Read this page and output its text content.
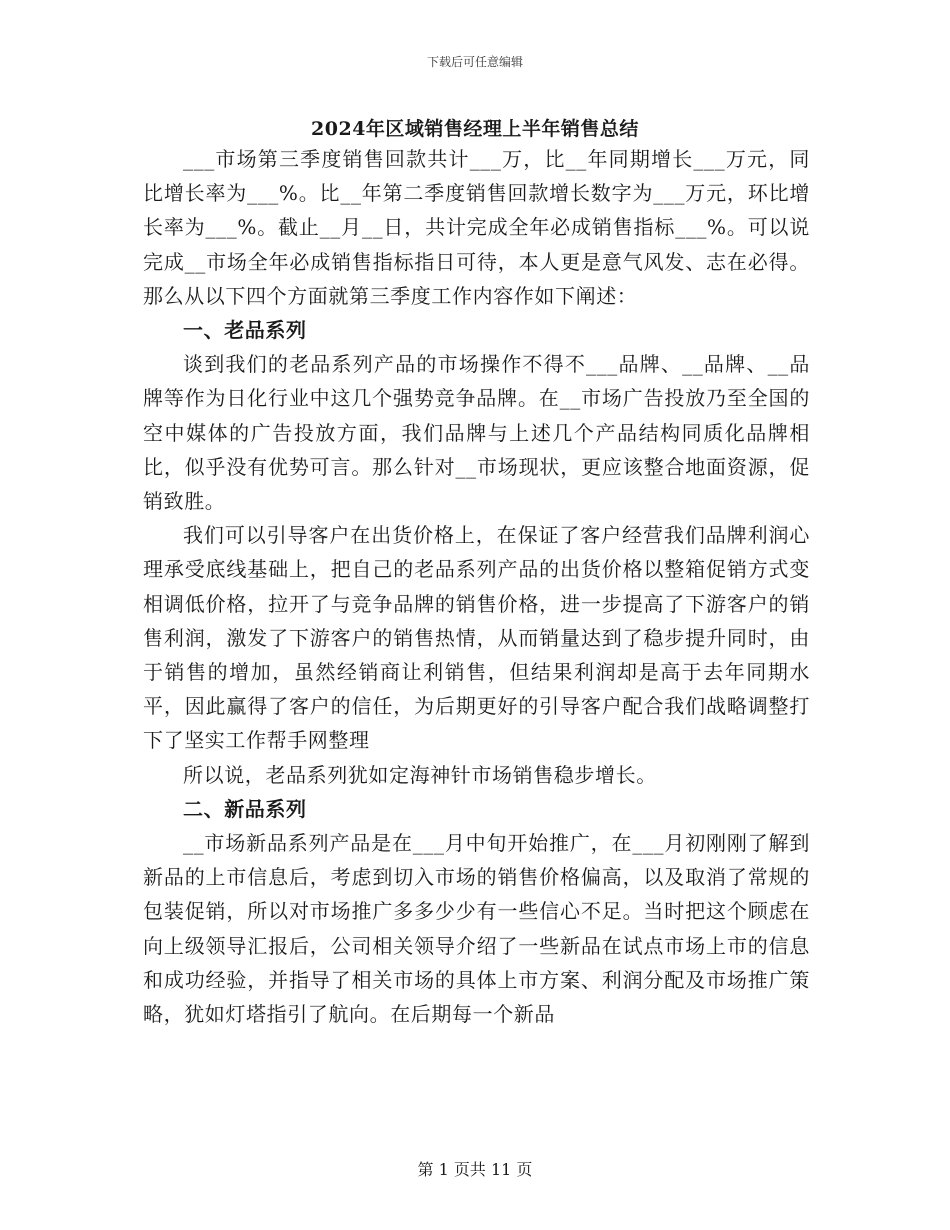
下载后可任意编辑
2024年区域销售经理上半年销售总结

___市场第三季度销售回款共计___万，比__年同期增长___万元，同比增长率为___%。比__年第二季度销售回款增长数字为___万元，环比增长率为___%。截止__月__日，共计完成全年必成销售指标___%。可以说完成__市场全年必成销售指标指日可待，本人更是意气风发、志在必得。那么从以下四个方面就第三季度工作内容作如下阐述：

一、老品系列

谈到我们的老品系列产品的市场操作不得不___品牌、__品牌、__品牌等作为日化行业中这几个强势竞争品牌。在__市场广告投放乃至全国的空中媒体的广告投放方面，我们品牌与上述几个产品结构同质化品牌相比，似乎没有优势可言。那么针对__市场现状，更应该整合地面资源，促销致胜。

我们可以引导客户在出货价格上，在保证了客户经营我们品牌利润心理承受底线基础上，把自己的老品系列产品的出货价格以整箱促销方式变相调低价格，拉开了与竞争品牌的销售价格，进一步提高了下游客户的销售利润，激发了下游客户的销售热情，从而销量达到了稳步提升同时，由于销售的增加，虽然经销商让利销售，但结果利润却是高于去年同期水平，因此赢得了客户的信任，为后期更好的引导客户配合我们战略调整打下了坚实工作帮手网整理

所以说，老品系列犹如定海神针市场销售稳步增长。

二、新品系列

__市场新品系列产品是在___月中旬开始推广，在___月初刚刚了解到新品的上市信息后，考虑到切入市场的销售价格偏高，以及取消了常规的包装促销，所以对市场推广多多少少有一些信心不足。当时把这个顾虑在向上级领导汇报后，公司相关领导介绍了一些新品在试点市场上市的信息和成功经验，并指导了相关市场的具体上市方案、利润分配及市场推广策略，犹如灯塔指引了航向。在后期每一个新品

第 1 页共 11 页
